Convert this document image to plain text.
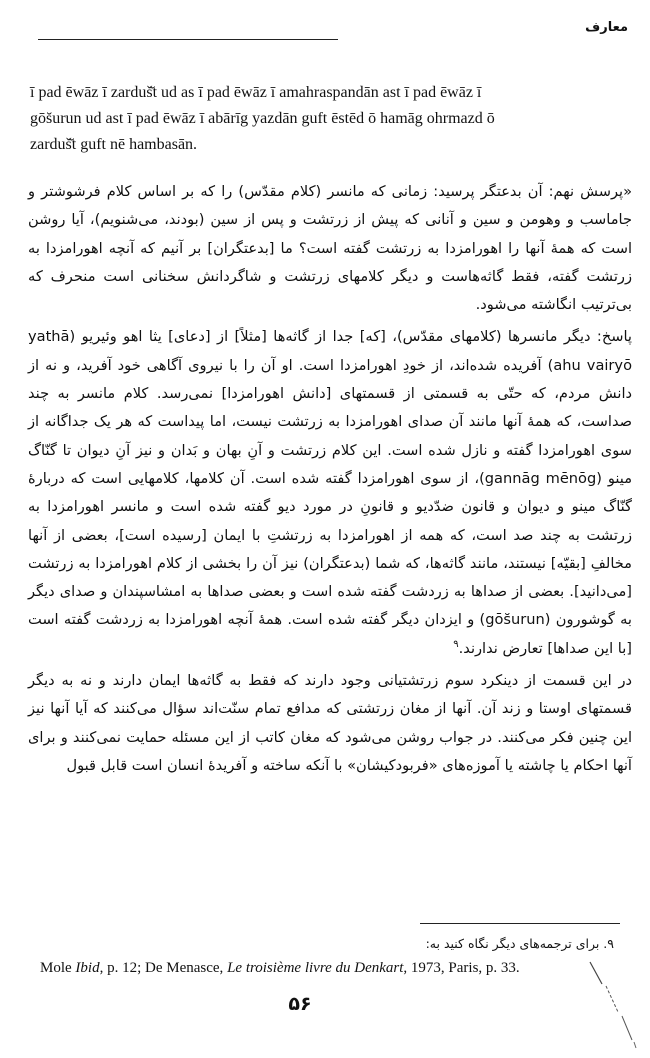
معارف

ī pad ēwāz ī zarduš̆t ud as ī pad ēwāz ī amahraspandān ast ī pad ēwāz ī

gōs̆urun ud ast ī pad ēwāz ī abārīg yazdān guft ēstēd ō hamāg ohrmazd ō

zarduš̆t guft nē hambasān.

«پرسش نهم: آن بدعتگر پرسید: زمانی که مانسر (کلام مقدّس) را که بر اساس کلام فرشوشتر و جاماسب و وهومن و سین و آنانی که پیش از زرتشت و پس از سین (بودند، می‌شنویم)، آیا روشن است که همهٔ آنها را اهورامزدا به زرتشت گفته است؟ ما [بدعتگران] بر آنیم که آنچه اهورامزدا به زرتشت گفته، فقط گاثه‌هاست و دیگر کلامهای زرتشت و شاگردانش سخنانی است منحرف که بی‌ترتیب انگاشته می‌شود.

پاسخ: دیگر مانسرها (کلامهای مقدّس)، [که] جدا از گاثه‌ها [مثلاً] از [دعای] یثا اهو وئیریو (yathā ahu vairyō) آفریده شده‌اند، از خودِ اهورامزدا است. او آن را با نیروی آگاهی خود آفرید، و نه از دانش مردم، که حتّی به قسمتی از قسمتهای [دانش اهورامزدا] نمی‌رسد. کلام مانسر به چند صداست، که همهٔ آنها مانند آن صدای اهورامزدا به زرتشت نیست، اما پیداست که هر یک جداگانه از سوی اهورامزدا گفته و نازل شده است. این کلام زرتشت و آنِ بهان و بَدان و نیز آنِ دیوان تا گنّاگ مینو (gannāg mēnōg)، از سوی اهورامزدا گفته شده است. آن کلامها، کلامهایی است که دربارهٔ گنّاگ مینو و دیوان و قانون ضدّدیو و قانونِ در مورد دیو گفته شده است و مانسر اهورامزدا به زرتشت به چند صد است، که همه از اهورامزدا به زرتشتِ با ایمان [رسیده است]، بعضی از آنها مخالفِ [بقیّه] نیستند، مانند گاثه‌ها، که شما (بدعتگران) نیز آن را بخشی از کلام اهورامزدا به زرتشت [می‌دانید]. بعضی از صداها به زردشت گفته شده است و بعضی صداها به امشاسپندان و صدای دیگر به گوشورون (gōs̆urun) و ایزدان دیگر گفته شده است. همهٔ آنچه اهورامزدا به زردشت گفته است [با این صداها] تعارض ندارند.$^۹$

در این قسمت از دینکرد سوم زرتشتیانی وجود دارند که فقط به گاثه‌ها ایمان دارند و نه به دیگر قسمتهای اوستا و زند آن. آنها از مغان زرتشتی که مدافع تمام سنّت‌اند سؤال می‌کنند که آیا آنها نیز این چنین فکر می‌کنند. در جواب روشن می‌شود که مغان کاتب از این مسئله حمایت نمی‌کنند و برای آنها احکام یا چاشته یا آموزه‌های «فربودکیشان» با آنکه ساخته و آفریدهٔ انسان است قابل قبول

۹. برای ترجمه‌های دیگر نگاه کنید به:
Mole Ibid, p. 12; De Menasce, Le troisième livre du Denkart, 1973, Paris, p. 33.
۵۶
